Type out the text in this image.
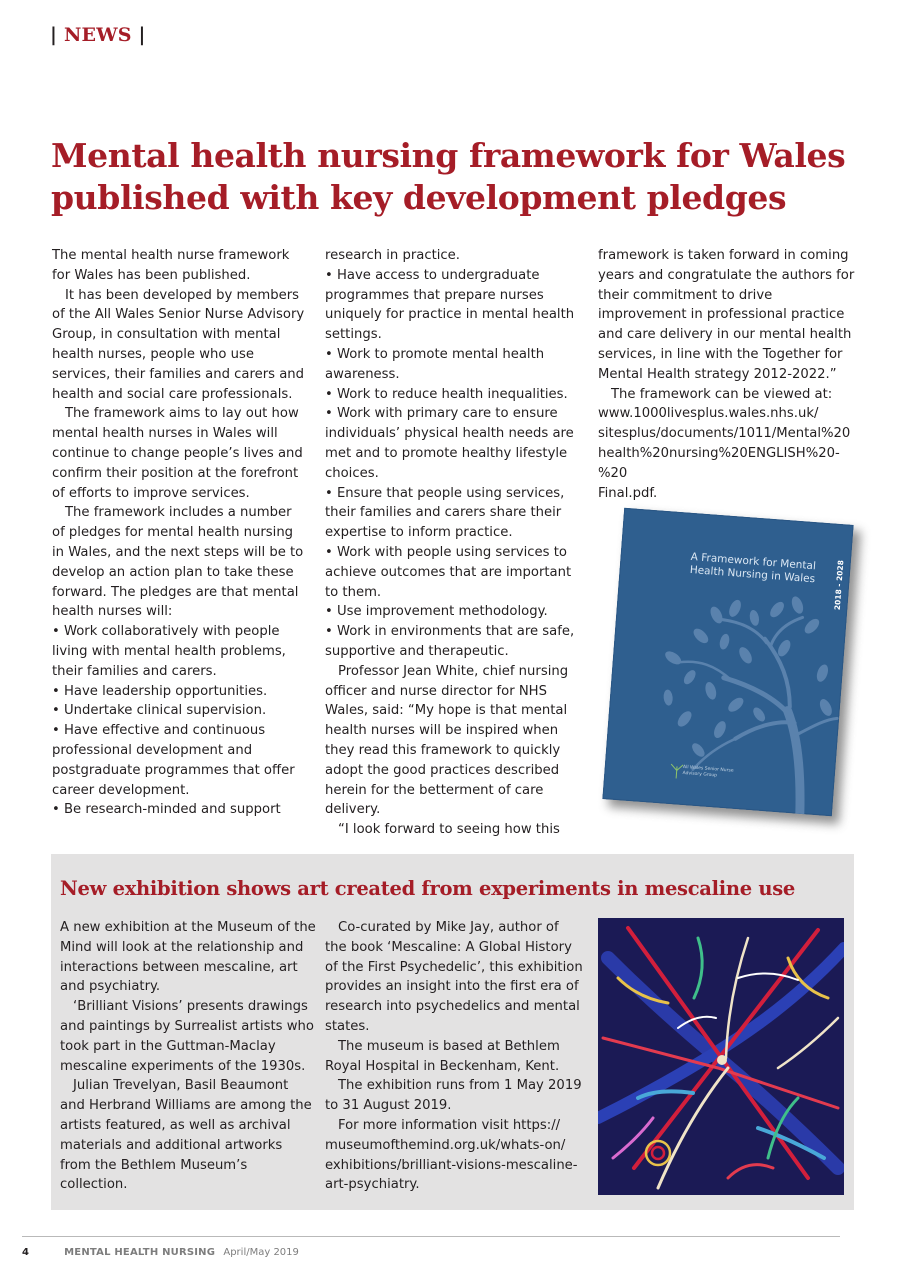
| NEWS |
Mental health nursing framework for Wales published with key development pledges

The mental health nurse framework for Wales has been published.

It has been developed by members of the All Wales Senior Nurse Advisory Group, in consultation with mental health nurses, people who use services, their families and carers and health and social care professionals.

The framework aims to lay out how mental health nurses in Wales will continue to change people’s lives and confirm their position at the forefront of efforts to improve services.

The framework includes a number of pledges for mental health nursing in Wales, and the next steps will be to develop an action plan to take these forward. The pledges are that mental health nurses will:

• Work collaboratively with people living with mental health problems, their families and carers.

• Have leadership opportunities.

• Undertake clinical supervision.

• Have effective and continuous professional development and postgraduate programmes that offer career development.

• Be research-minded and support

research in practice.

• Have access to undergraduate programmes that prepare nurses uniquely for practice in mental health settings.

• Work to promote mental health awareness.

• Work to reduce health inequalities.

• Work with primary care to ensure individuals’ physical health needs are met and to promote healthy lifestyle choices.

• Ensure that people using services, their families and carers share their expertise to inform practice.

• Work with people using services to achieve outcomes that are important to them.

• Use improvement methodology.

• Work in environments that are safe, supportive and therapeutic.

Professor Jean White, chief nursing officer and nurse director for NHS Wales, said: “My hope is that mental health nurses will be inspired when they read this framework to quickly adopt the good practices described herein for the betterment of care delivery.

“I look forward to seeing how this

framework is taken forward in coming years and congratulate the authors for their commitment to drive improvement in professional practice and care delivery in our mental health services, in line with the Together for Mental Health strategy 2012-2022.”

The framework can be viewed at:

www.1000livesplus.wales.nhs.uk/

sitesplus/documents/1011/Mental%20

health%20nursing%20ENGLISH%20-%20

Final.pdf.

A Framework for Mental Health Nursing in Wales	2018 - 2028
All Wales Senior Nurse Advisory Group
New exhibition shows art created from experiments in mescaline use

A new exhibition at the Museum of the Mind will look at the relationship and interactions between mescaline, art and psychiatry.

‘Brilliant Visions’ presents drawings and paintings by Surrealist artists who took part in the Guttman-Maclay mescaline experiments of the 1930s.

Julian Trevelyan, Basil Beaumont and Herbrand Williams are among the artists featured, as well as archival materials and additional artworks from the Bethlem Museum’s collection.

Co-curated by Mike Jay, author of the book ‘Mescaline: A Global History of the First Psychedelic’, this exhibition provides an insight into the first era of research into psychedelics and mental states.

The museum is based at Bethlem Royal Hospital in Beckenham, Kent.

The exhibition runs from 1 May 2019 to 31 August 2019.

For more information visit https:// museumofthemind.org.uk/whats-on/ exhibitions/brilliant-visions-mescaline-art-psychiatry.

4	MENTAL HEALTH NURSING April/May 2019
